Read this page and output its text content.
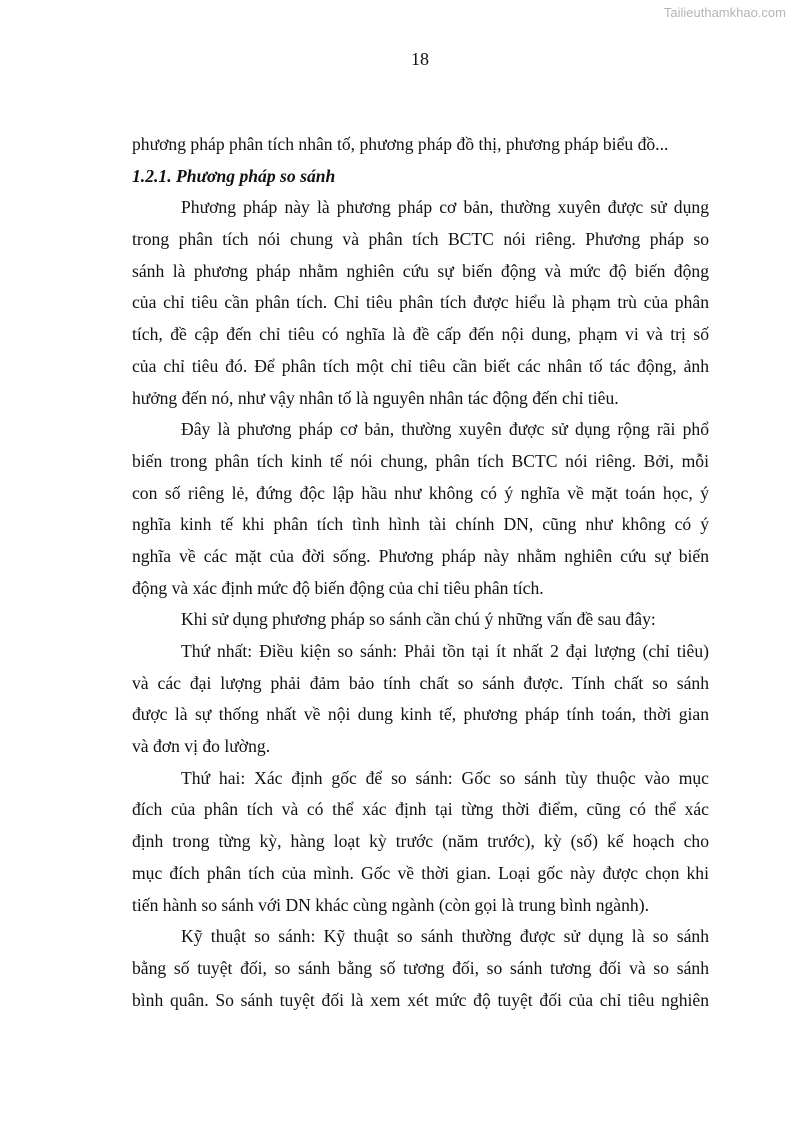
Tailieuthamkhao.com
18
phương pháp phân tích nhân tố, phương pháp đồ thị, phương pháp biểu đồ...
1.2.1. Phương pháp so sánh
Phương pháp này là phương pháp cơ bản, thường xuyên được sử dụng
trong phân tích nói chung và phân tích BCTC nói riêng. Phương pháp so
sánh là phương pháp nhằm nghiên cứu sự biến động và mức độ biến động
của chỉ tiêu cần phân tích. Chỉ tiêu phân tích được hiểu là phạm trù của phân
tích, đề cập đến chỉ tiêu có nghĩa là đề cấp đến nội dung, phạm vi và trị số
của chỉ tiêu đó. Để phân tích một chỉ tiêu cần biết các nhân tố tác động, ảnh
hưởng đến nó, như vậy nhân tố là nguyên nhân tác động đến chỉ tiêu.
Đây là phương pháp cơ bản, thường xuyên được sử dụng rộng rãi phổ
biến trong phân tích kinh tế nói chung, phân tích BCTC nói riêng. Bởi, mỗi
con số riêng lẻ, đứng độc lập hầu như không có ý nghĩa về mặt toán học, ý
nghĩa kinh tế khi phân tích tình hình tài chính DN, cũng như không có ý
nghĩa về các mặt của đời sống. Phương pháp này nhằm nghiên cứu sự biến
động và xác định mức độ biến động của chỉ tiêu phân tích.
Khi sử dụng phương pháp so sánh cần chú ý những vấn đề sau đây:
Thứ nhất: Điều kiện so sánh: Phải tồn tại ít nhất 2 đại lượng (chỉ tiêu)
và các đại lượng phải đảm bảo tính chất so sánh được. Tính chất so sánh
được là sự thống nhất về nội dung kinh tế, phương pháp tính toán, thời gian
và đơn vị đo lường.
Thứ hai: Xác định gốc để so sánh: Gốc so sánh tùy thuộc vào mục
đích của phân tích và có thể xác định tại từng thời điểm, cũng có thể xác
định trong từng kỳ, hàng loạt kỳ trước (năm trước), kỳ (số) kế hoạch cho
mục đích phân tích của mình. Gốc về thời gian. Loại gốc này được chọn khi
tiến hành so sánh với DN khác cùng ngành (còn gọi là trung bình ngành).
Kỹ thuật so sánh: Kỹ thuật so sánh thường được sử dụng là so sánh
bằng số tuyệt đối, so sánh bằng số tương đối, so sánh tương đối và so sánh
bình quân. So sánh tuyệt đối là xem xét mức độ tuyệt đối của chỉ tiêu nghiên
